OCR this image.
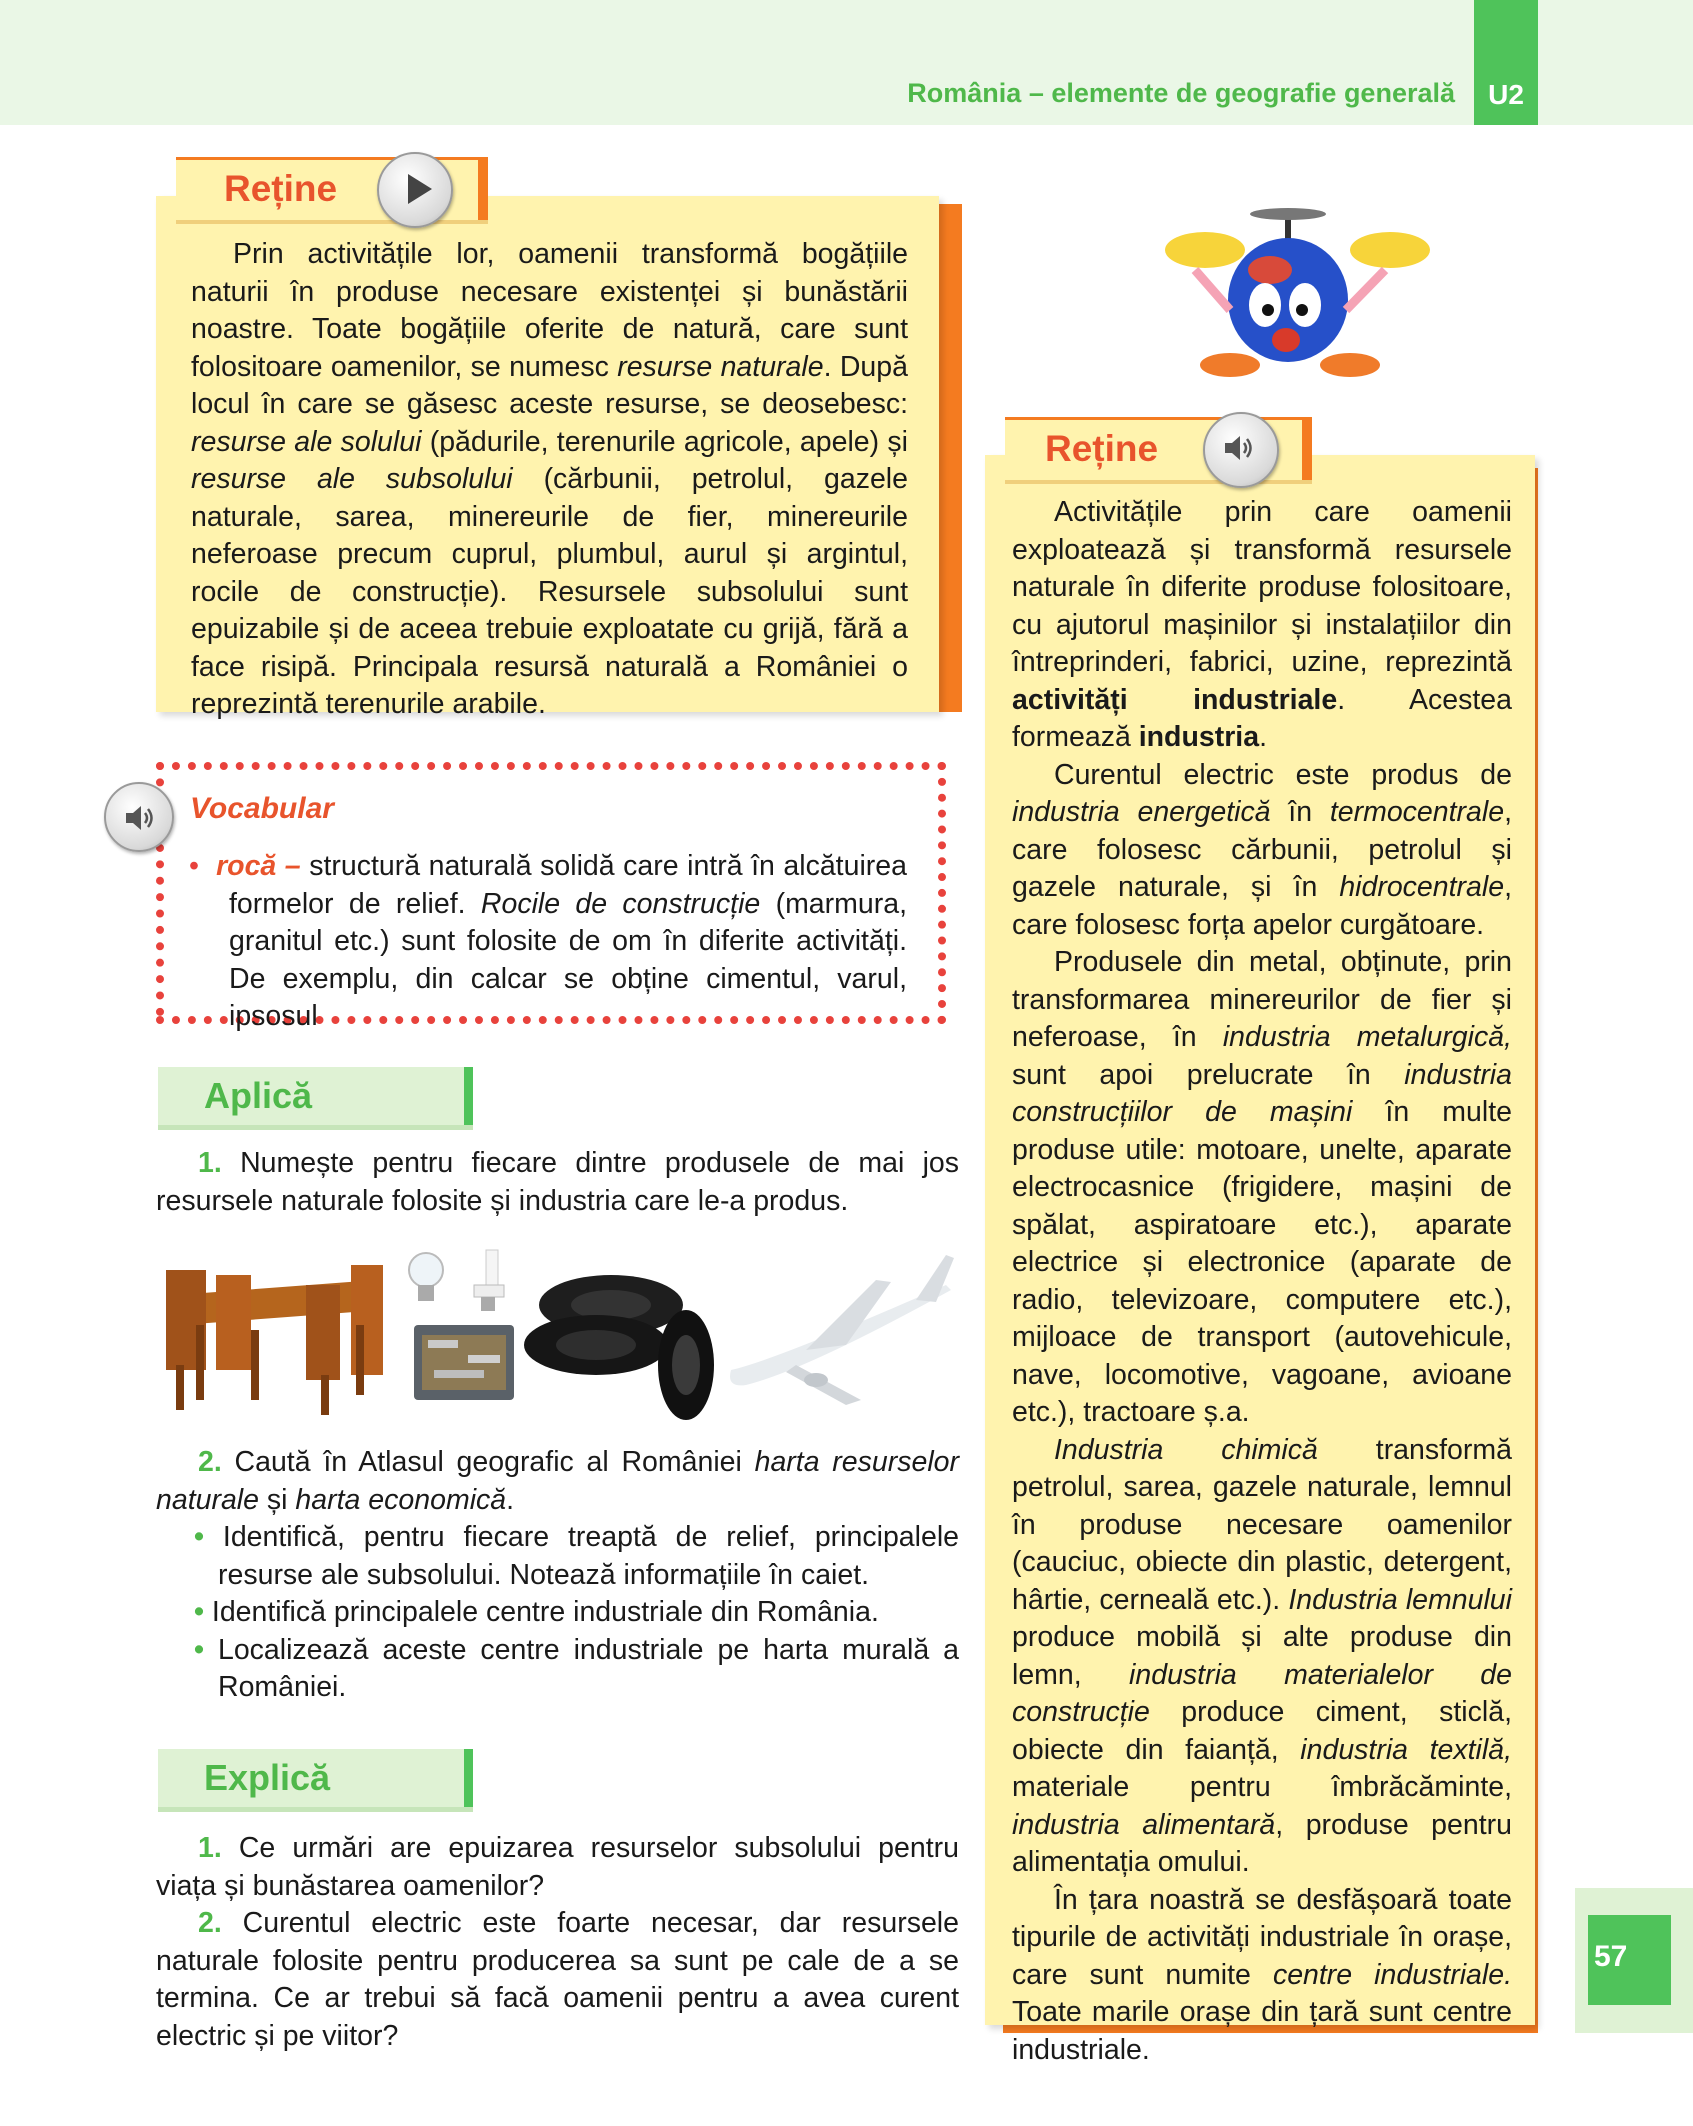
România – elemente de geografie generală	U2
Reține

Prin activitățile lor, oamenii transformă bogățiile naturii în produse necesare existenței și bunăstării noastre. Toate bogățiile oferite de natură, care sunt folositoare oamenilor, se numesc resurse naturale. După locul în care se găsesc aceste resurse, se deosebesc: resurse ale solului (pădurile, terenurile agricole, apele) și resurse ale subsolului (cărbunii, petrolul, gazele naturale, sarea, minereurile de fier, minereurile neferoase precum cuprul, plumbul, aurul și argintul, rocile de construcție). Resursele subsolului sunt epuizabile și de aceea trebuie exploatate cu grijă, fără a face risipă. Principala resursă naturală a României o reprezintă terenurile arabile.

Vocabular

• rocă – structură naturală solidă care intră în alcătuirea formelor de relief. Rocile de construcție (marmura, granitul etc.) sunt folosite de om în diferite activități. De exemplu, din calcar se obține cimentul, varul, ipsosul

Aplică

1. Numește pentru fiecare dintre produsele de mai jos resursele naturale folosite și industria care le-a produs.

2. Caută în Atlasul geografic al României harta resurselor naturale și harta economică.

• Identifică, pentru fiecare treaptă de relief, principalele resurse ale subsolului. Notează informațiile în caiet.

• Identifică principalele centre industriale din România.

• Localizează aceste centre industriale pe harta murală a României.

Explică

1. Ce urmări are epuizarea resurselor subsolului pentru viața și bunăstarea oamenilor?

2. Curentul electric este foarte necesar, dar resursele naturale folosite pentru producerea sa sunt pe cale de a se termina. Ce ar trebui să facă oamenii pentru a avea curent electric și pe viitor?

Reține

Activitățile prin care oamenii exploatează și transformă resursele naturale în diferite produse folositoare, cu ajutorul mașinilor și instalațiilor din întreprinderi, fabrici, uzine, reprezintă activități industriale. Acestea formează industria.

Curentul electric este produs de industria energetică în termocentrale, care folosesc cărbunii, petrolul și gazele naturale, și în hidrocentrale, care folosesc forța apelor curgătoare.

Produsele din metal, obținute, prin transformarea minereurilor de fier și neferoase, în industria metalurgică, sunt apoi prelucrate în industria construcțiilor de mașini în multe produse utile: motoare, unelte, aparate electrocasnice (frigidere, mașini de spălat, aspiratoare etc.), aparate electrice și electronice (aparate de radio, televizoare, computere etc.), mijloace de transport (autovehicule, nave, locomotive, vagoane, avioane etc.), tractoare ș.a.

Industria chimică transformă petrolul, sarea, gazele naturale, lemnul în produse necesare oamenilor (cauciuc, obiecte din plastic, detergent, hârtie, cerneală etc.). Industria lemnului produce mobilă și alte produse din lemn, industria materialelor de construcție produce ciment, sticlă, obiecte din faianță, industria textilă, materiale pentru îmbrăcăminte, industria alimentară, produse pentru alimentația omului.

În țara noastră se desfășoară toate tipurile de activități industriale în orașe, care sunt numite centre industriale. Toate marile orașe din țară sunt centre industriale.

57
